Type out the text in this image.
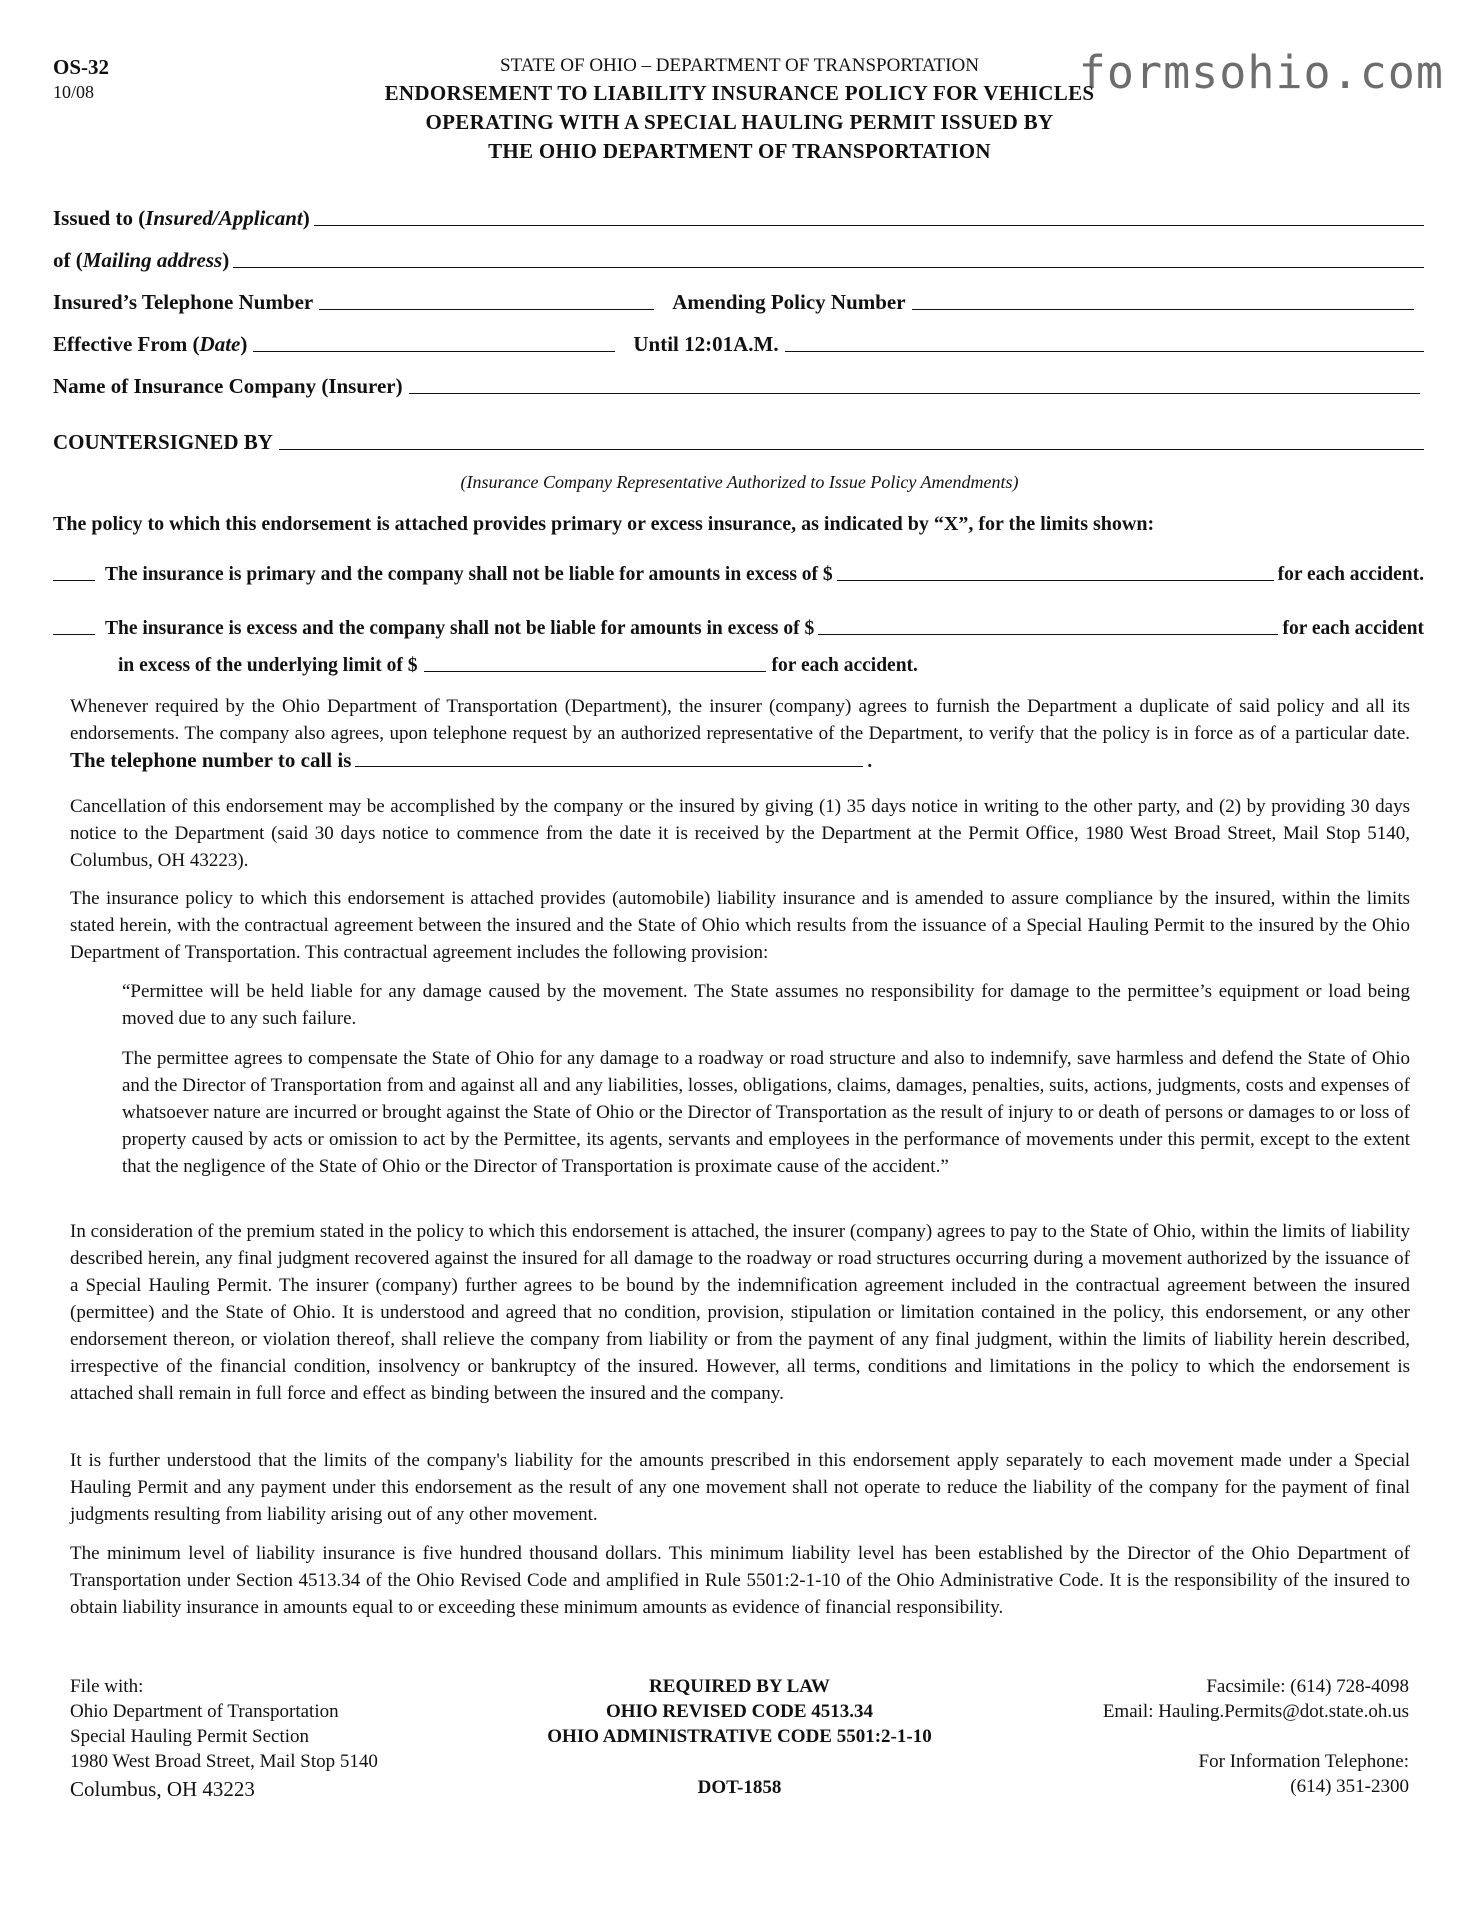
OS-32
10/08
STATE OF OHIO – DEPARTMENT OF TRANSPORTATION
ENDORSEMENT TO LIABILITY INSURANCE POLICY FOR VEHICLES
OPERATING WITH A SPECIAL HAULING PERMIT ISSUED BY
THE OHIO DEPARTMENT OF TRANSPORTATION
formsohio.com
Issued to (Insured/Applicant)
of (Mailing address)
Insured’s Telephone Number	Amending Policy Number
Effective From (Date)	Until 12:01A.M.
Name of Insurance Company (Insurer)
COUNTERSIGNED BY
(Insurance Company Representative Authorized to Issue Policy Amendments)
The policy to which this endorsement is attached provides primary or excess insurance, as indicated by “X”, for the limits shown:
The insurance is primary and the company shall not be liable for amounts in excess of $	for each accident.
The insurance is excess and the company shall not be liable for amounts in excess of $	for each accident
in excess of the underlying limit of $	for each accident.
Whenever required by the Ohio Department of Transportation (Department), the insurer (company) agrees to furnish the Department a duplicate of said policy and all its endorsements. The company also agrees, upon telephone request by an authorized representative of the Department, to verify that the policy is in force as of a particular date. The telephone number to call is	.
Cancellation of this endorsement may be accomplished by the company or the insured by giving (1) 35 days notice in writing to the other party, and (2) by providing 30 days notice to the Department (said 30 days notice to commence from the date it is received by the Department at the Permit Office, 1980 West Broad Street, Mail Stop 5140, Columbus, OH 43223).
The insurance policy to which this endorsement is attached provides (automobile) liability insurance and is amended to assure compliance by the insured, within the limits stated herein, with the contractual agreement between the insured and the State of Ohio which results from the issuance of a Special Hauling Permit to the insured by the Ohio Department of Transportation. This contractual agreement includes the following provision:
“Permittee will be held liable for any damage caused by the movement. The State assumes no responsibility for damage to the permittee’s equipment or load being moved due to any such failure.
The permittee agrees to compensate the State of Ohio for any damage to a roadway or road structure and also to indemnify, save harmless and defend the State of Ohio and the Director of Transportation from and against all and any liabilities, losses, obligations, claims, damages, penalties, suits, actions, judgments, costs and expenses of whatsoever nature are incurred or brought against the State of Ohio or the Director of Transportation as the result of injury to or death of persons or damages to or loss of property caused by acts or omission to act by the Permittee, its agents, servants and employees in the performance of movements under this permit, except to the extent that the negligence of the State of Ohio or the Director of Transportation is proximate cause of the accident.”
In consideration of the premium stated in the policy to which this endorsement is attached, the insurer (company) agrees to pay to the State of Ohio, within the limits of liability described herein, any final judgment recovered against the insured for all damage to the roadway or road structures occurring during a movement authorized by the issuance of a Special Hauling Permit. The insurer (company) further agrees to be bound by the indemnification agreement included in the contractual agreement between the insured (permittee) and the State of Ohio. It is understood and agreed that no condition, provision, stipulation or limitation contained in the policy, this endorsement, or any other endorsement thereon, or violation thereof, shall relieve the company from liability or from the payment of any final judgment, within the limits of liability herein described, irrespective of the financial condition, insolvency or bankruptcy of the insured. However, all terms, conditions and limitations in the policy to which the endorsement is attached shall remain in full force and effect as binding between the insured and the company.
It is further understood that the limits of the company's liability for the amounts prescribed in this endorsement apply separately to each movement made under a Special Hauling Permit and any payment under this endorsement as the result of any one movement shall not operate to reduce the liability of the company for the payment of final judgments resulting from liability arising out of any other movement.
The minimum level of liability insurance is five hundred thousand dollars. This minimum liability level has been established by the Director of the Ohio Department of Transportation under Section 4513.34 of the Ohio Revised Code and amplified in Rule 5501:2-1-10 of the Ohio Administrative Code. It is the responsibility of the insured to obtain liability insurance in amounts equal to or exceeding these minimum amounts as evidence of financial responsibility.
File with:
Ohio Department of Transportation
Special Hauling Permit Section
1980 West Broad Street, Mail Stop 5140
Columbus, OH 43223
REQUIRED BY LAW
OHIO REVISED CODE 4513.34
OHIO ADMINISTRATIVE CODE 5501:2-1-10
DOT-1858
Facsimile: (614) 728-4098
Email: Hauling.Permits@dot.state.oh.us
For Information Telephone:
(614) 351-2300
